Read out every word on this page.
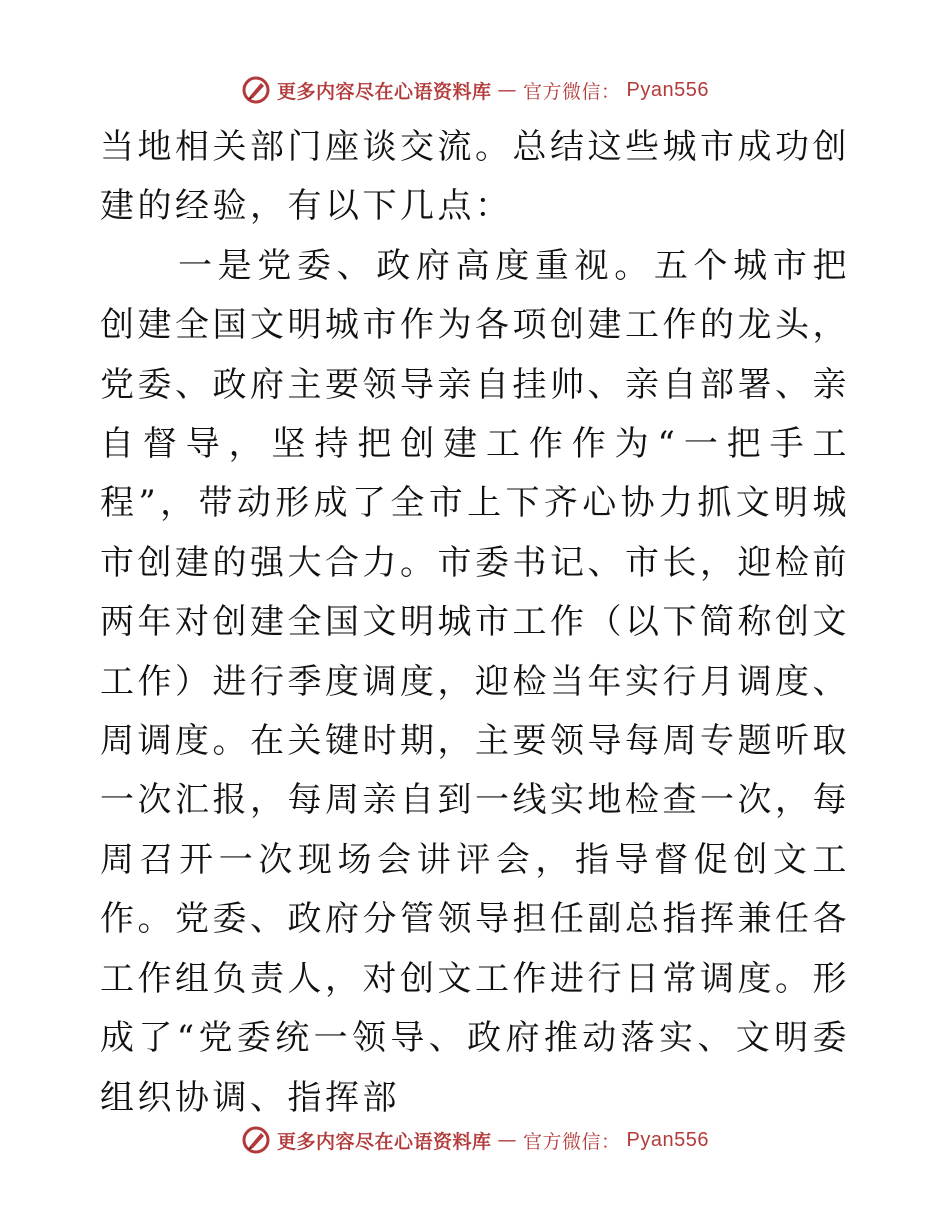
更多内容尽在心语资料库 — 官方微信： Pyan556

当地相关部门座谈交流。总结这些城市成功创建的经验，有以下几点：

一是党委、政府高度重视。五个城市把创建全国文明城市作为各项创建工作的龙头，党委、政府主要领导亲自挂帅、亲自部署、亲自督导，坚持把创建工作作为“一把手工程”，带动形成了全市上下齐心协力抓文明城市创建的强大合力。市委书记、市长，迎检前两年对创建全国文明城市工作（以下简称创文工作）进行季度调度，迎检当年实行月调度、周调度。在关键时期，主要领导每周专题听取一次汇报，每周亲自到一线实地检查一次，每周召开一次现场会讲评会，指导督促创文工作。党委、政府分管领导担任副总指挥兼任各工作组负责人，对创文工作进行日常调度。形成了“党委统一领导、政府推动落实、文明委组织协调、指挥部

更多内容尽在心语资料库 — 官方微信： Pyan556
